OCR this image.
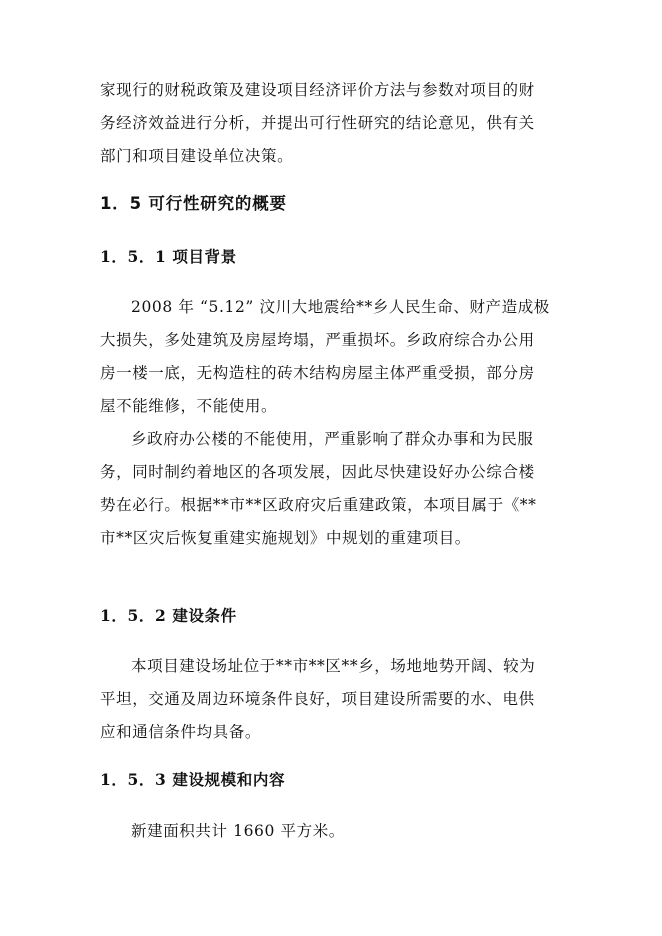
家现行的财税政策及建设项目经济评价方法与参数对项目的财
务经济效益进行分析，并提出可行性研究的结论意见，供有关
部门和项目建设单位决策。
1．5 可行性研究的概要
1．5．1 项目背景
2008 年 “5.12” 汶川大地震给**乡人民生命、财产造成极
大损失，多处建筑及房屋垮塌，严重损坏。乡政府综合办公用
房一楼一底，无构造柱的砖木结构房屋主体严重受损，部分房
屋不能维修，不能使用。
乡政府办公楼的不能使用，严重影响了群众办事和为民服
务，同时制约着地区的各项发展，因此尽快建设好办公综合楼
势在必行。根据**市**区政府灾后重建政策，本项目属于《**
市**区灾后恢复重建实施规划》中规划的重建项目。
1．5．2 建设条件
本项目建设场址位于**市**区**乡，场地地势开阔、较为
平坦，交通及周边环境条件良好，项目建设所需要的水、电供
应和通信条件均具备。
1．5．3 建设规模和内容
新建面积共计 1660 平方米。
